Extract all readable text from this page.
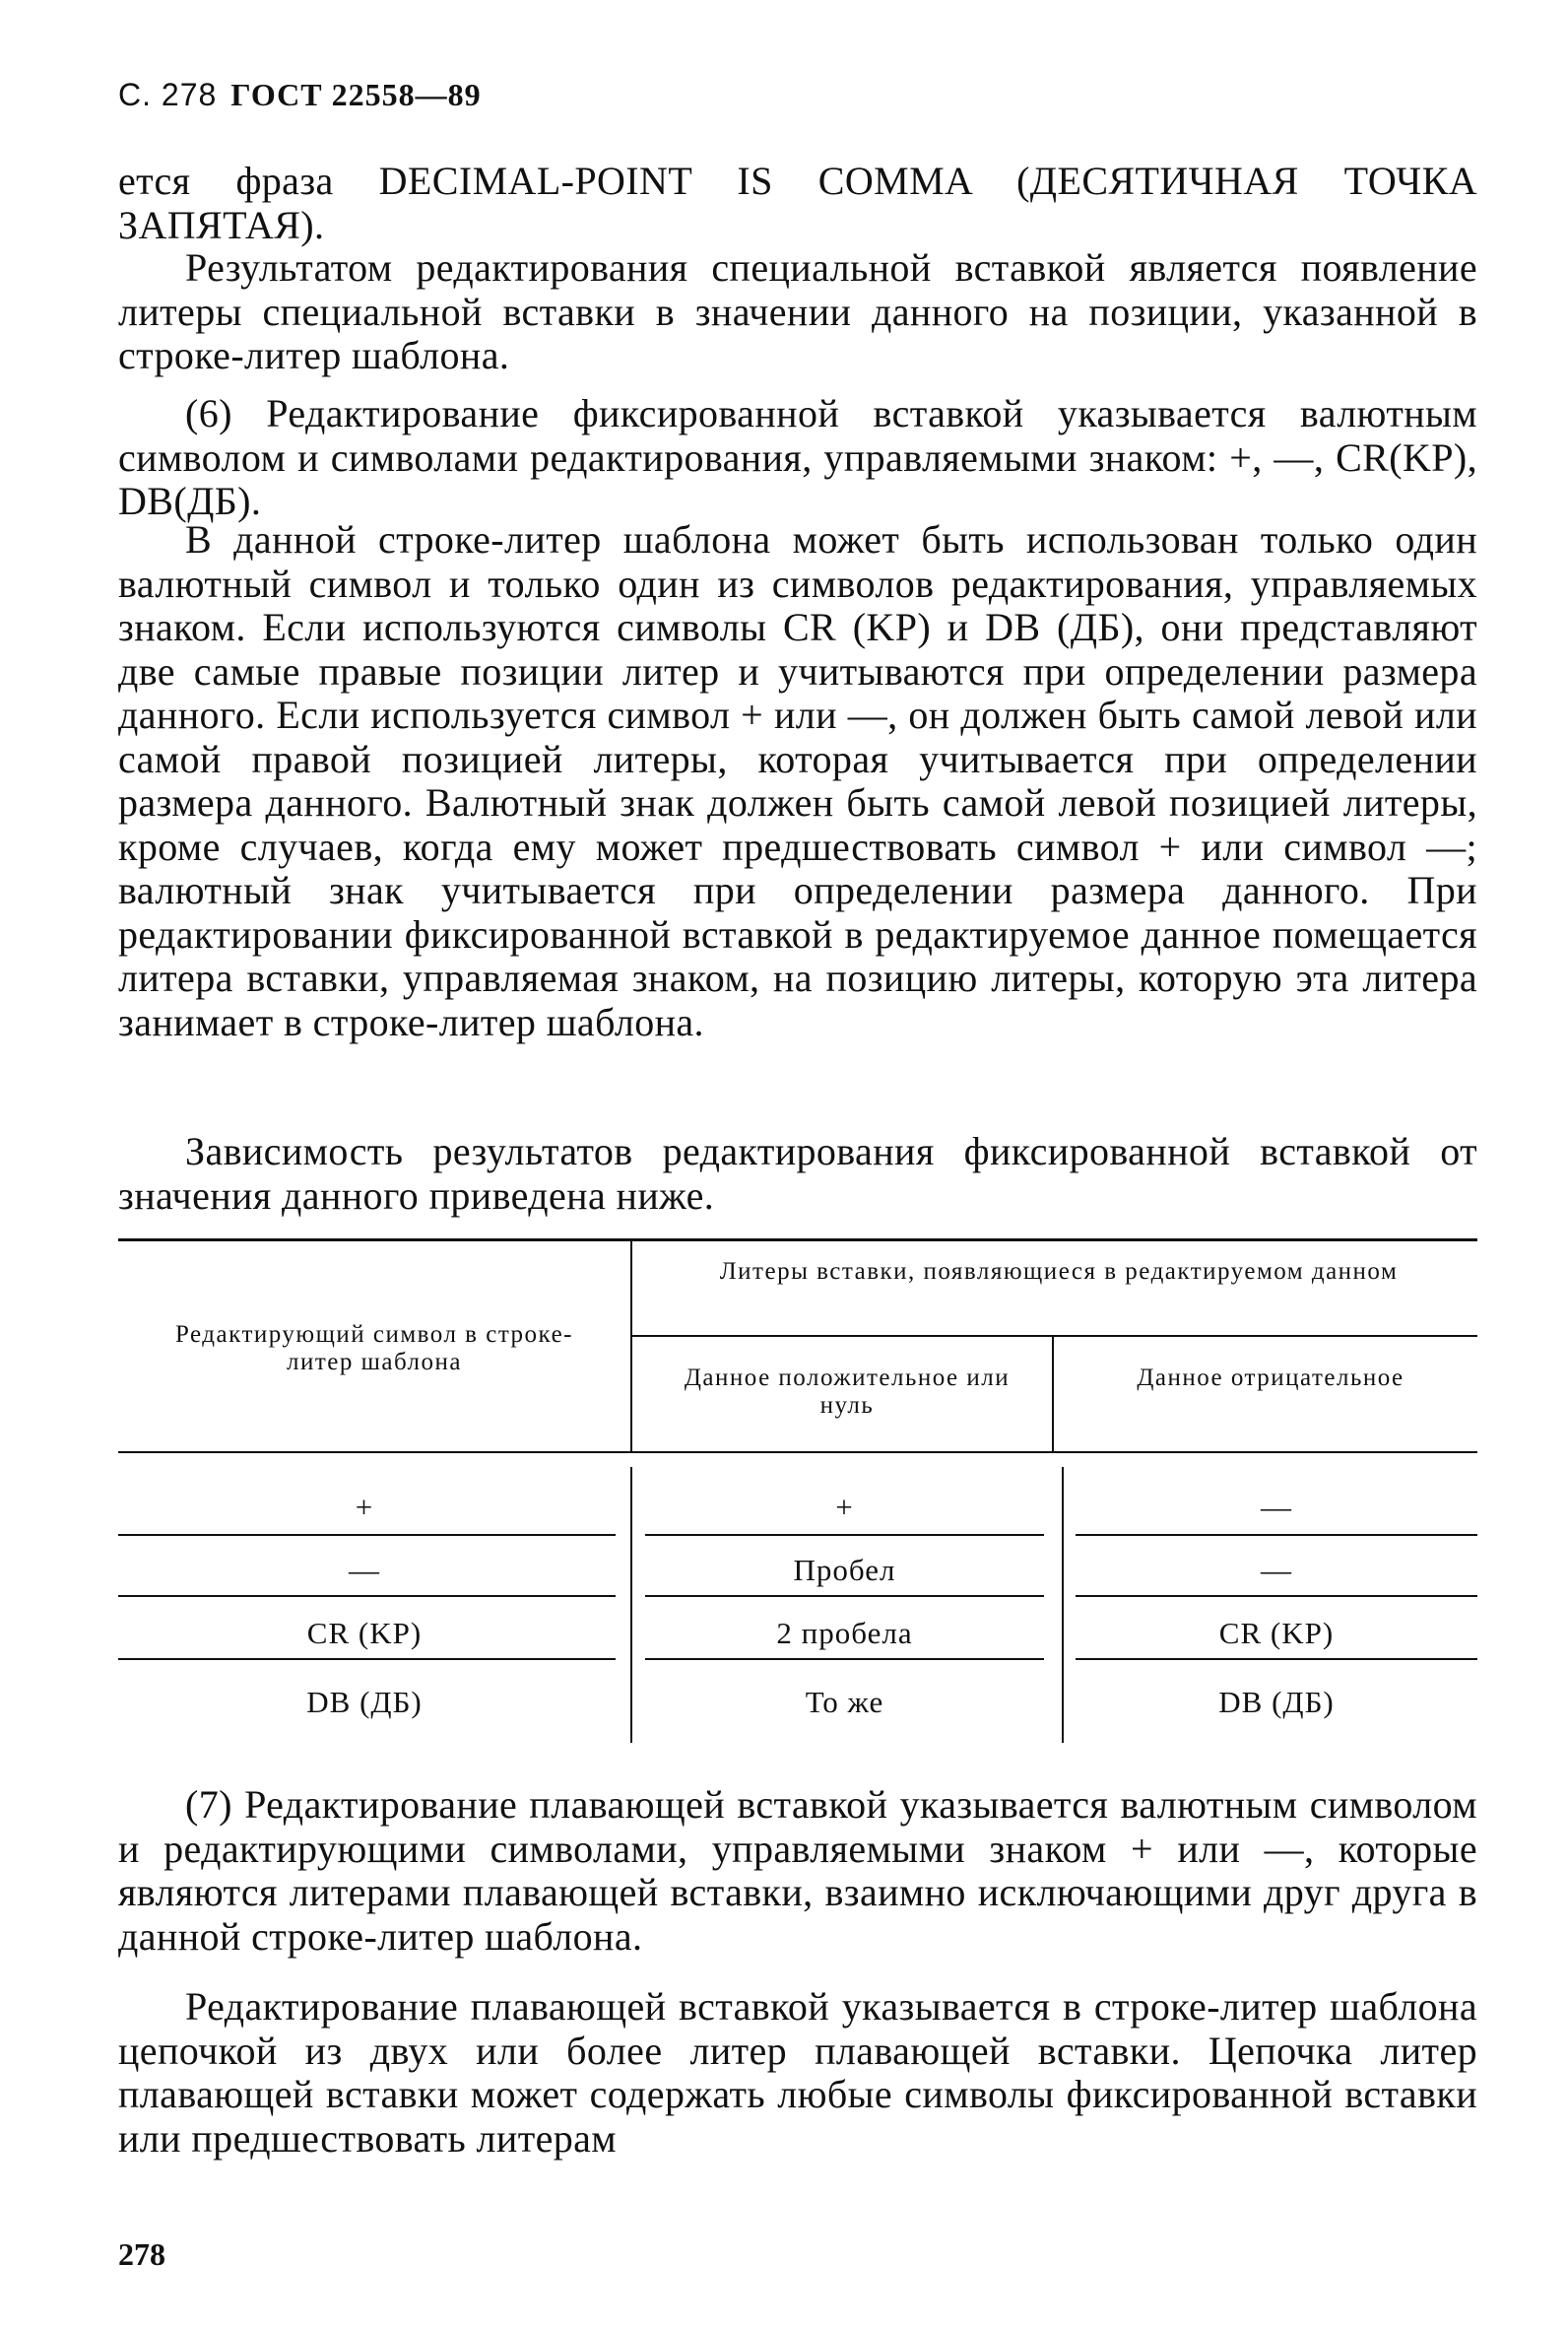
С. 278 ГОСТ 22558—89
ется фраза DECIMAL-POINT IS COMMA (ДЕСЯТИЧНАЯ ТОЧКА ЗАПЯТАЯ).
Результатом редактирования специальной вставкой является появление литеры специальной вставки в значении данного на позиции, указанной в строке-литер шаблона.
(6) Редактирование фиксированной вставкой указывается валютным символом и символами редактирования, управляемыми знаком: +, —, CR(KP), DB(ДБ).
В данной строке-литер шаблона может быть использован только один валютный символ и только один из символов редактирования, управляемых знаком. Если используются символы CR (KP) и DB (ДБ), они представляют две самые правые позиции литер и учитываются при определении размера данного. Если используется символ + или —, он должен быть самой левой или самой правой позицией литеры, которая учитывается при определении размера данного. Валютный знак должен быть самой левой позицией литеры, кроме случаев, когда ему может предшествовать символ + или символ —; валютный знак учитывается при определении размера данного. При редактировании фиксированной вставкой в редактируемое данное помещается литера вставки, управляемая знаком, на позицию литеры, которую эта литера занимает в строке-литер шаблона.
Зависимость результатов редактирования фиксированной вставкой от значения данного приведена ниже.
Редактирующий символ в строке-литер шаблона
Литеры вставки, появляющиеся в редактируемом данном
Данное положительное или нуль
Данное отрицательное
+	+	—
—	Пробел	—
CR (KP)	2 пробела	CR (KP)
DB (ДБ)	То же	DB (ДБ)
(7) Редактирование плавающей вставкой указывается валютным символом и редактирующими символами, управляемыми знаком + или —, которые являются литерами плавающей вставки, взаимно исключающими друг друга в данной строке-литер шаблона.
Редактирование плавающей вставкой указывается в строке-литер шаблона цепочкой из двух или более литер плавающей вставки. Цепочка литер плавающей вставки может содержать любые символы фиксированной вставки или предшествовать литерам
278
